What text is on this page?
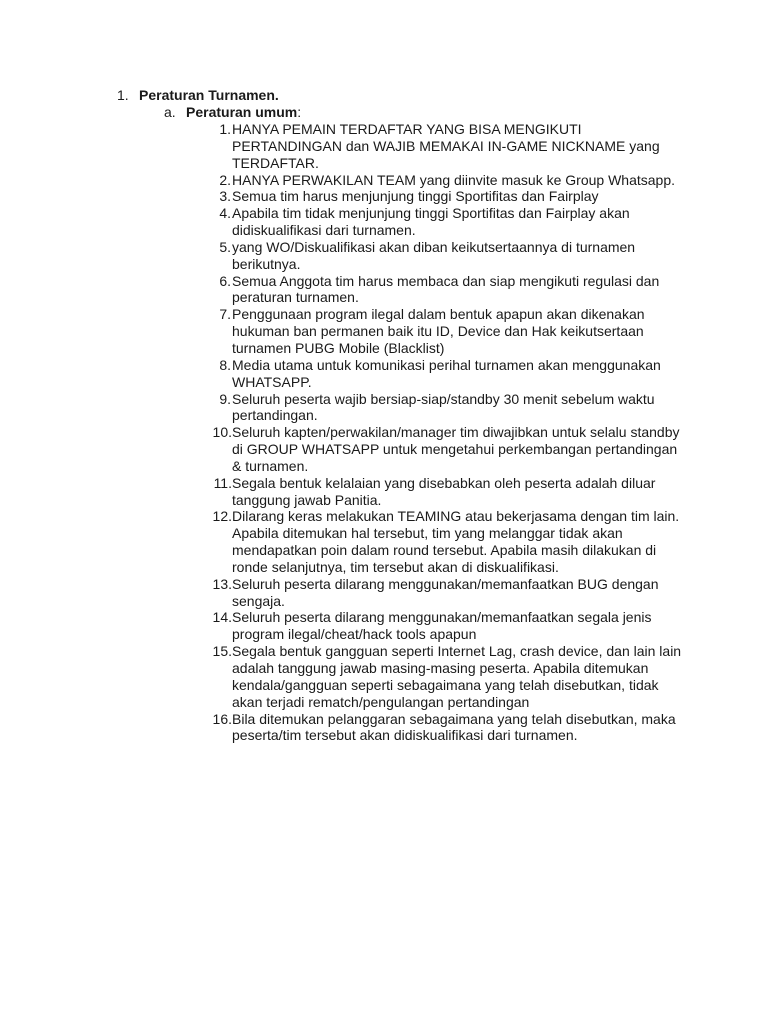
1. Peraturan Turnamen.
a. Peraturan umum:
1. HANYA PEMAIN TERDAFTAR YANG BISA MENGIKUTI PERTANDINGAN dan WAJIB MEMAKAI IN-GAME NICKNAME yang TERDAFTAR.
2. HANYA PERWAKILAN TEAM yang diinvite masuk ke Group Whatsapp.
3. Semua tim harus menjunjung tinggi Sportifitas dan Fairplay
4. Apabila tim tidak menjunjung tinggi Sportifitas dan Fairplay akan didiskualifikasi dari turnamen.
5. yang WO/Diskualifikasi akan diban keikutsertaannya di turnamen berikutnya.
6. Semua Anggota tim harus membaca dan siap mengikuti regulasi dan peraturan turnamen.
7. Penggunaan program ilegal dalam bentuk apapun akan dikenakan hukuman ban permanen baik itu ID, Device dan Hak keikutsertaan turnamen PUBG Mobile (Blacklist)
8. Media utama untuk komunikasi perihal turnamen akan menggunakan WHATSAPP.
9. Seluruh peserta wajib bersiap-siap/standby 30 menit sebelum waktu pertandingan.
10. Seluruh kapten/perwakilan/manager tim diwajibkan untuk selalu standby di GROUP WHATSAPP untuk mengetahui perkembangan pertandingan & turnamen.
11. Segala bentuk kelalaian yang disebabkan oleh peserta adalah diluar tanggung jawab Panitia.
12. Dilarang keras melakukan TEAMING atau bekerjasama dengan tim lain. Apabila ditemukan hal tersebut, tim yang melanggar tidak akan mendapatkan poin dalam round tersebut. Apabila masih dilakukan di ronde selanjutnya, tim tersebut akan di diskualifikasi.
13. Seluruh peserta dilarang menggunakan/memanfaatkan BUG dengan sengaja.
14. Seluruh peserta dilarang menggunakan/memanfaatkan segala jenis program ilegal/cheat/hack tools apapun
15. Segala bentuk gangguan seperti Internet Lag, crash device, dan lain lain adalah tanggung jawab masing-masing peserta. Apabila ditemukan kendala/gangguan seperti sebagaimana yang telah disebutkan, tidak akan terjadi rematch/pengulangan pertandingan
16. Bila ditemukan pelanggaran sebagaimana yang telah disebutkan, maka peserta/tim tersebut akan didiskualifikasi dari turnamen.
